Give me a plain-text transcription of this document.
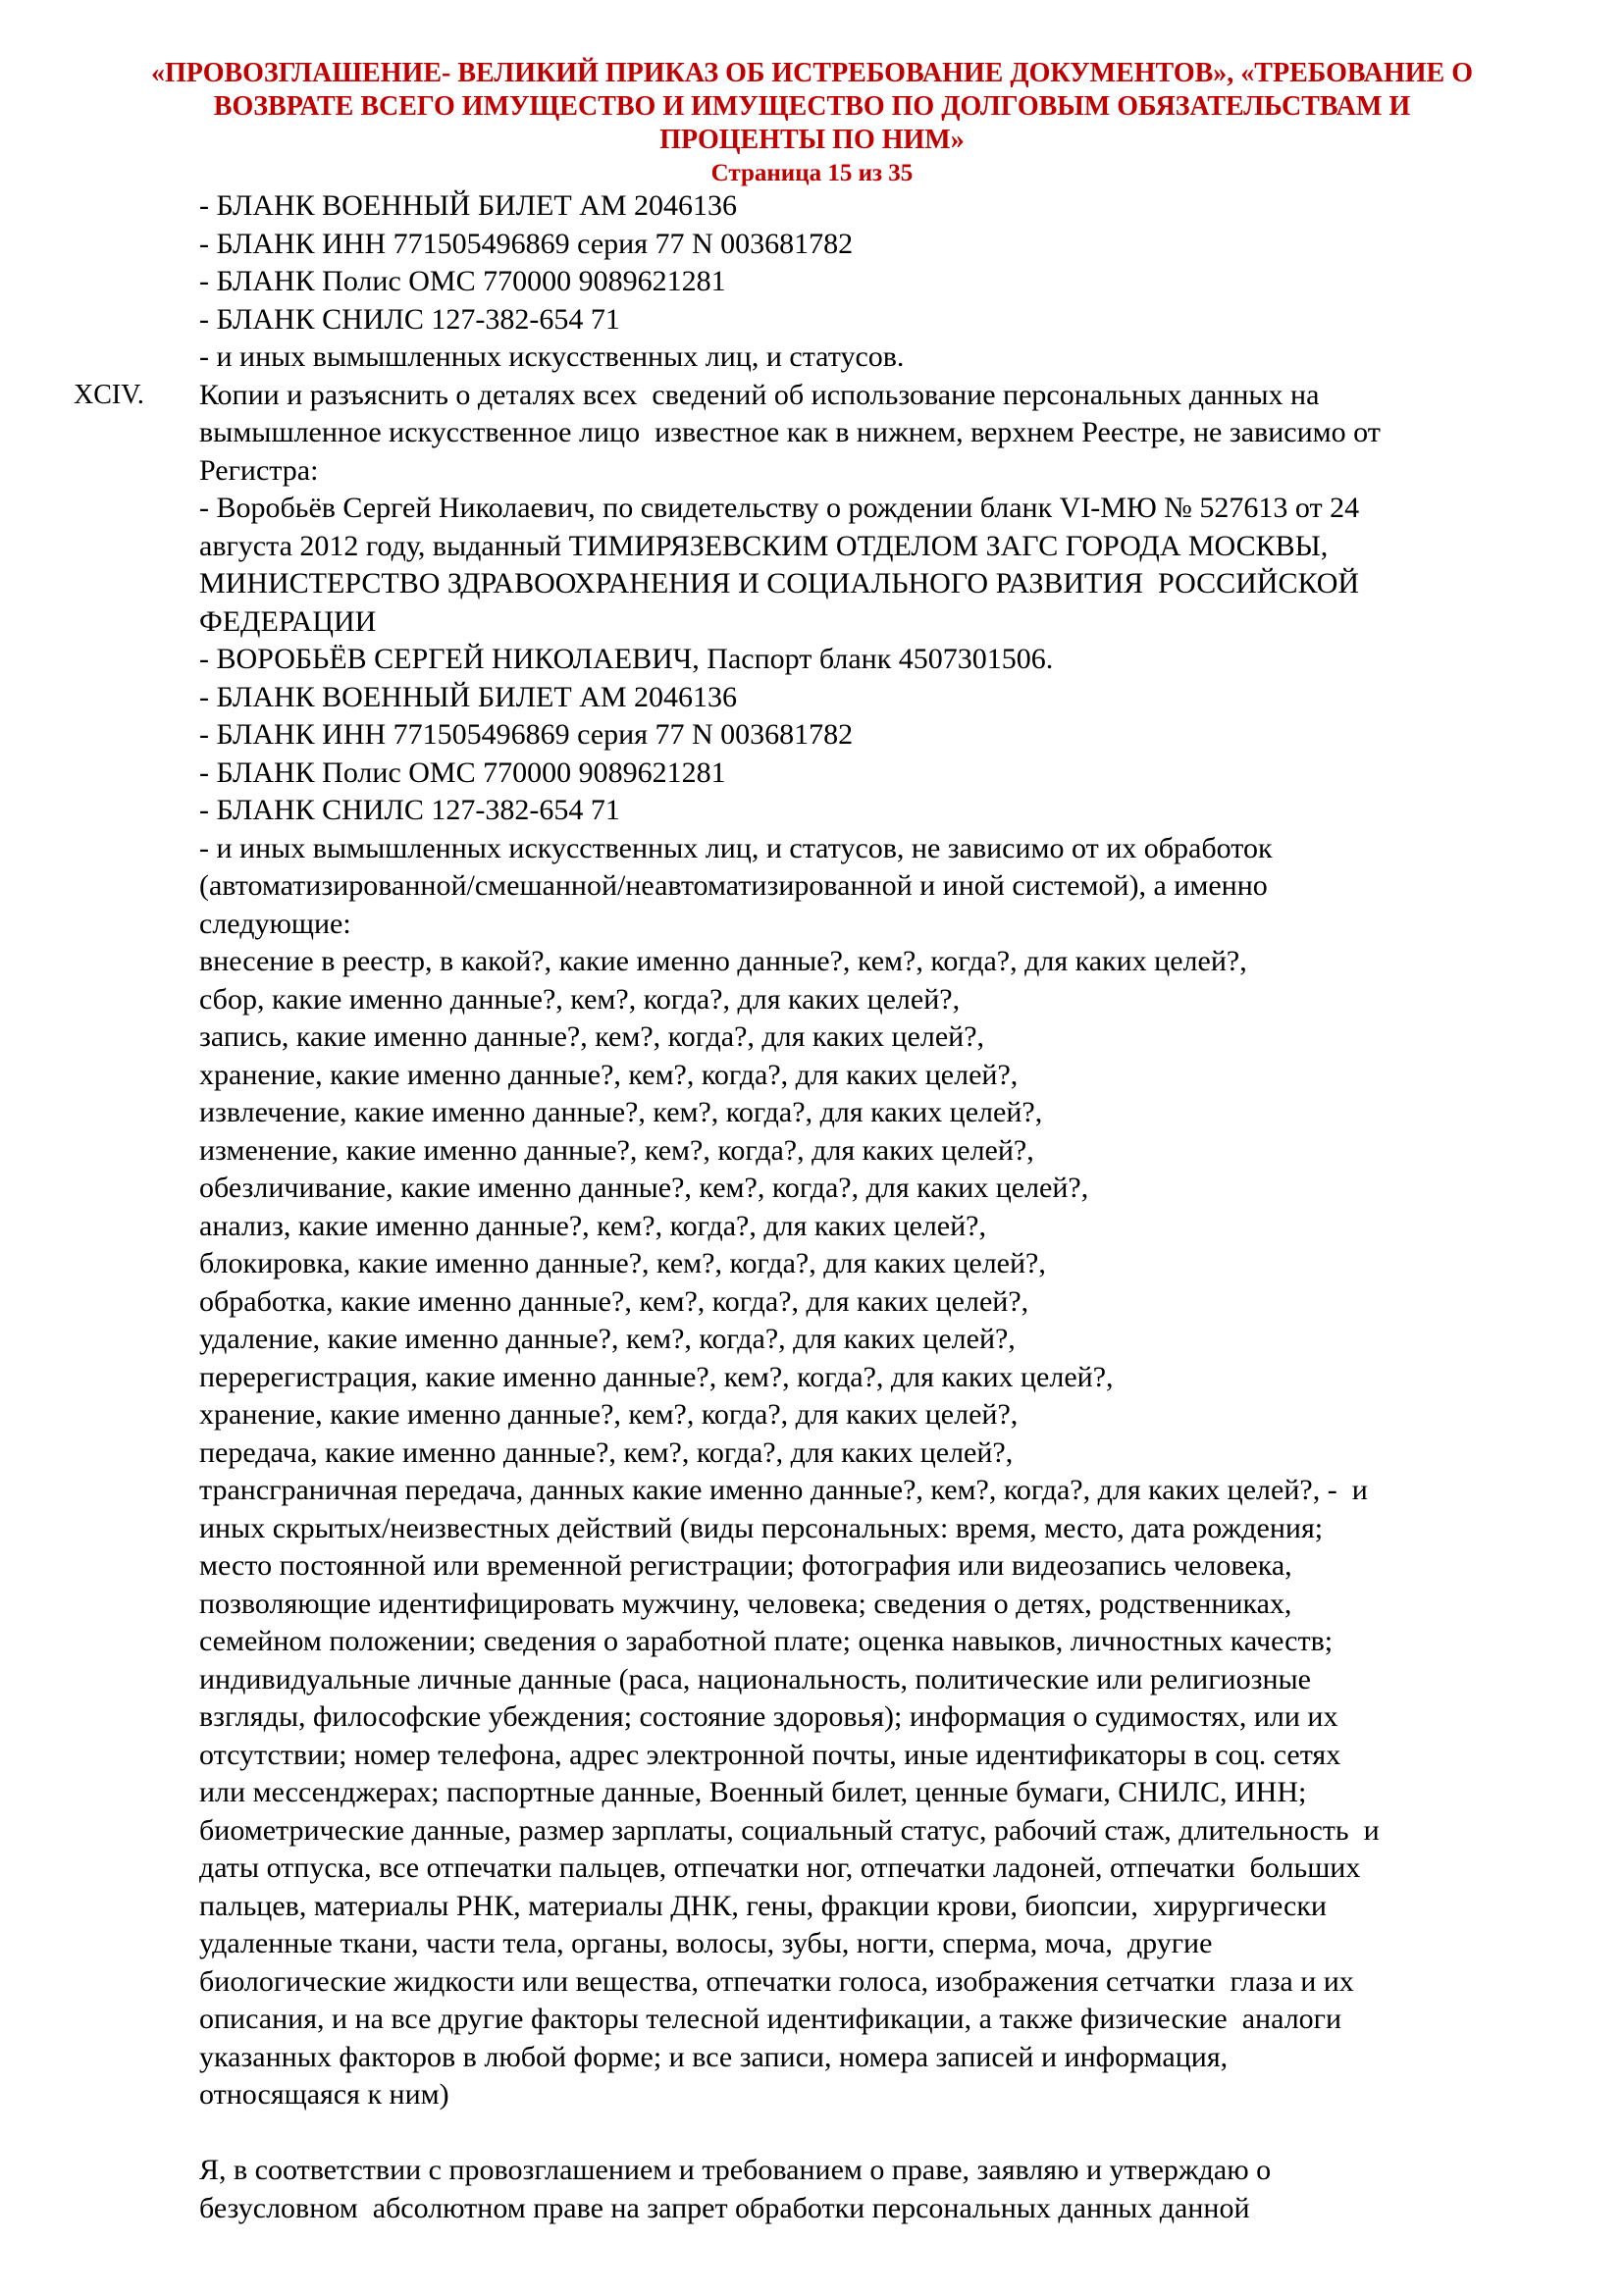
«ПРОВОЗГЛАШЕНИЕ- ВЕЛИКИЙ ПРИКАЗ ОБ ИСТРЕБОВАНИЕ ДОКУМЕНТОВ», «ТРЕБОВАНИЕ О
ВОЗВРАТЕ ВСЕГО ИМУЩЕСТВО И ИМУЩЕСТВО ПО ДОЛГОВЫМ ОБЯЗАТЕЛЬСТВАМ И
ПРОЦЕНТЫ ПО НИМ»
Страница 15 из 35
- БЛАНК ВОЕННЫЙ БИЛЕТ АМ 2046136
- БЛАНК ИНН 771505496869 серия 77 N 003681782
- БЛАНК Полис ОМС 770000 9089621281
- БЛАНК СНИЛС 127-382-654 71
- и иных вымышленных искусственных лиц, и статусов.
XCIV. Копии и разъяснить о деталях всех  сведений об использование персональных данных на
вымышленное искусственное лицо  известное как в нижнем, верхнем Реестре, не зависимо от
Регистра:
- Воробьёв Сергей Николаевич, по свидетельству о рождении бланк VI-МЮ № 527613 от 24
августа 2012 году, выданный ТИМИРЯЗЕВСКИМ ОТДЕЛОМ ЗАГС ГОРОДА МОСКВЫ,
МИНИСТЕРСТВО ЗДРАВООХРАНЕНИЯ И СОЦИАЛЬНОГО РАЗВИТИЯ  РОССИЙСКОЙ
ФЕДЕРАЦИИ
- ВОРОБЬЁВ СЕРГЕЙ НИКОЛАЕВИЧ, Паспорт бланк 4507301506.
- БЛАНК ВОЕННЫЙ БИЛЕТ АМ 2046136
- БЛАНК ИНН 771505496869 серия 77 N 003681782
- БЛАНК Полис ОМС 770000 9089621281
- БЛАНК СНИЛС 127-382-654 71
- и иных вымышленных искусственных лиц, и статусов, не зависимо от их обработок
(автоматизированной/смешанной/неавтоматизированной и иной системой), а именно
следующие:
внесение в реестр, в какой?, какие именно данные?, кем?, когда?, для каких целей?,
сбор, какие именно данные?, кем?, когда?, для каких целей?,
запись, какие именно данные?, кем?, когда?, для каких целей?,
хранение, какие именно данные?, кем?, когда?, для каких целей?,
извлечение, какие именно данные?, кем?, когда?, для каких целей?,
изменение, какие именно данные?, кем?, когда?, для каких целей?,
обезличивание, какие именно данные?, кем?, когда?, для каких целей?,
анализ, какие именно данные?, кем?, когда?, для каких целей?,
блокировка, какие именно данные?, кем?, когда?, для каких целей?,
обработка, какие именно данные?, кем?, когда?, для каких целей?,
удаление, какие именно данные?, кем?, когда?, для каких целей?,
перерегистрация, какие именно данные?, кем?, когда?, для каких целей?,
хранение, какие именно данные?, кем?, когда?, для каких целей?,
передача, какие именно данные?, кем?, когда?, для каких целей?,
трансграничная передача, данных какие именно данные?, кем?, когда?, для каких целей?, -  и
иных скрытых/неизвестных действий (виды персональных: время, место, дата рождения;
место постоянной или временной регистрации; фотография или видеозапись человека,
позволяющие идентифицировать мужчину, человека; сведения о детях, родственниках,
семейном положении; сведения о заработной плате; оценка навыков, личностных качеств;
индивидуальные личные данные (раса, национальность, политические или религиозные
взгляды, философские убеждения; состояние здоровья); информация о судимостях, или их
отсутствии; номер телефона, адрес электронной почты, иные идентификаторы в соц. сетях
или мессенджерах; паспортные данные, Военный билет, ценные бумаги, СНИЛС, ИНН;
биометрические данные, размер зарплаты, социальный статус, рабочий стаж, длительность  и
даты отпуска, все отпечатки пальцев, отпечатки ног, отпечатки ладоней, отпечатки  больших
пальцев, материалы РНК, материалы ДНК, гены, фракции крови, биопсии,  хирургически
удаленные ткани, части тела, органы, волосы, зубы, ногти, сперма, моча,  другие
биологические жидкости или вещества, отпечатки голоса, изображения сетчатки  глаза и их
описания, и на все другие факторы телесной идентификации, а также физические  аналоги
указанных факторов в любой форме; и все записи, номера записей и информация,
относящаяся к ним)
Я, в соответствии с провозглашением и требованием о праве, заявляю и утверждаю о
безусловном  абсолютном праве на запрет обработки персональных данных данной
